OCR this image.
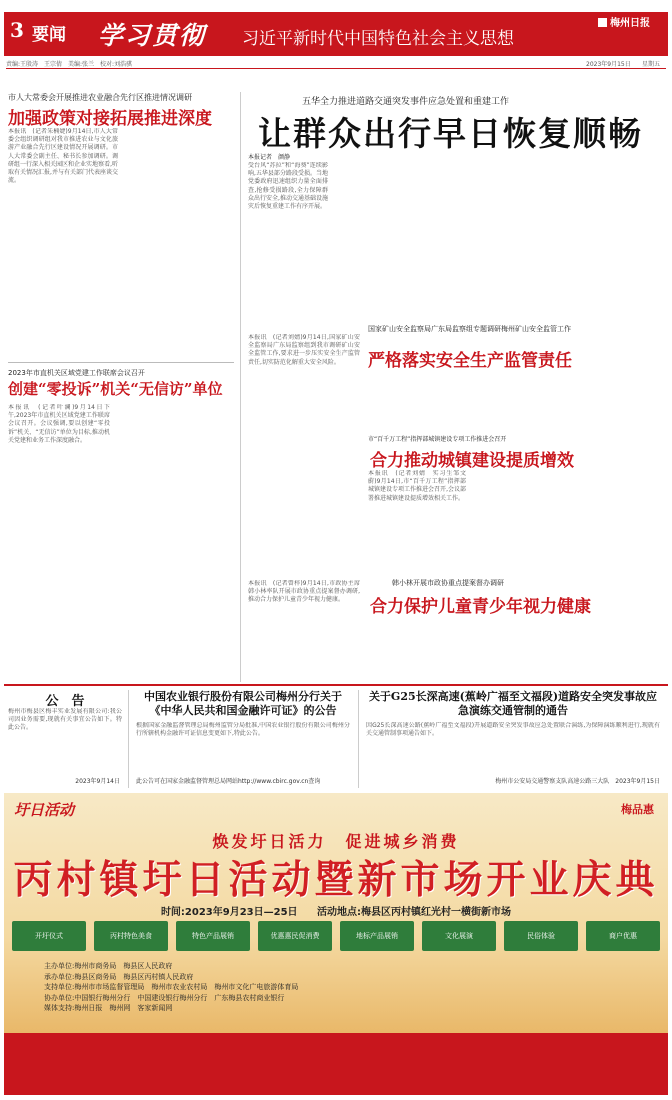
3 要闻 学习贯彻 习近平新时代中国特色社会主义思想
梅州日报
责编:王殷涛　王宗倩　美编:张兰　校对:刘浩骐	2023年9月15日 星期五
市人大常委会开展推进农业融合先行区推进情况调研
加强政策对接拓展推进深度
本报讯　(记者朱楠婕)9月14日,市人大常委会组织调研组对我市推进农业与文化旅游产业融合先行区建设情况开展调研。市人大常委会副主任、秘书长参加调研。调研组一行深入相关园区和企业实地察看,听取有关情况汇报,并与有关部门代表座谈交流。
2023年市直机关区域党建工作联席会议召开
创建“零投诉”机关“无信访”单位
本报讯　(记者叶澜)9月14日下午,2023年市直机关区域党建工作联席会议召开。会议强调,要以创建“零投诉”机关、“无信访”单位为目标,推动机关党建和业务工作深度融合。
五华全力推进道路交通突发事件应急处置和重建工作
让群众出行早日恢复顺畅
本报记者　颜静
受台风“苏拉”和“海葵”连续影响,五华县部分路段受损。当地党委政府迅速组织力量全面排查,抢修受损路段,全力保障群众出行安全,推动交通基础设施灾后恢复重建工作有序开展。
国家矿山安全监察局广东局监察组专题调研梅州矿山安全监管工作
严格落实安全生产监管责任
本报讯　(记者刘婧)9月14日,国家矿山安全监察局广东局监察组到我市调研矿山安全监管工作,要求进一步压实安全生产监管责任,切实防范化解重大安全风险。
市“百千万工程”指挥部城镇建设专项工作推进会召开
合力推动城镇建设提质增效
本报讯　(记者刘婧　实习生邹文蔚)9月14日,市“百千万工程”指挥部城镇建设专项工作推进会召开,会议部署推进城镇建设提质增效相关工作。
韩小林开展市政协重点提案督办调研
合力保护儿童青少年视力健康
本报讯　(记者曾梓)9月14日,市政协主席韩小林率队开展市政协重点提案督办调研,推动合力保护儿童青少年视力健康。
公　告
梅州市梅县区梅丰实业发展有限公司:我公司因业务需要,现就有关事宜公告如下。特此公告。
2023年9月14日
中国农业银行股份有限公司梅州分行关于《中华人民共和国金融许可证》的公告
根据国家金融监督管理总局梅州监管分局批准,中国农业银行股份有限公司梅州分行所辖机构金融许可证信息变更如下,特此公告。
此公告可在国家金融监督管理总局网站http://www.cbirc.gov.cn查询
关于G25长深高速(蕉岭广福至文福段)道路安全突发事故应急演练交通管制的通告
因G25长深高速公路(蕉岭广福至文福段)开展道路安全突发事故应急处置联合演练,为保障演练顺利进行,现就有关交通管制事项通告如下。
梅州市公安局交通警察支队高速公路三大队　2023年9月15日
圩日活动	梅品惠
焕发圩日活力　促进城乡消费
丙村镇圩日活动暨新市场开业庆典
时间:2023年9月23日—25日 活动地点:梅县区丙村镇红光村一横街新市场
开圩仪式	丙村特色美食	特色产品展销	优惠惠民促消费	地标产品展销	文化展演	民俗体验	商户优惠
主办单位:梅州市商务局　梅县区人民政府
承办单位:梅县区商务局　梅县区丙村镇人民政府
支持单位:梅州市市场监督管理局　梅州市农业农村局　梅州市文化广电旅游体育局
协办单位:中国银行梅州分行　中国建设银行梅州分行　广东梅县农村商业银行
媒体支持:梅州日报　梅州网　客家新闻网
